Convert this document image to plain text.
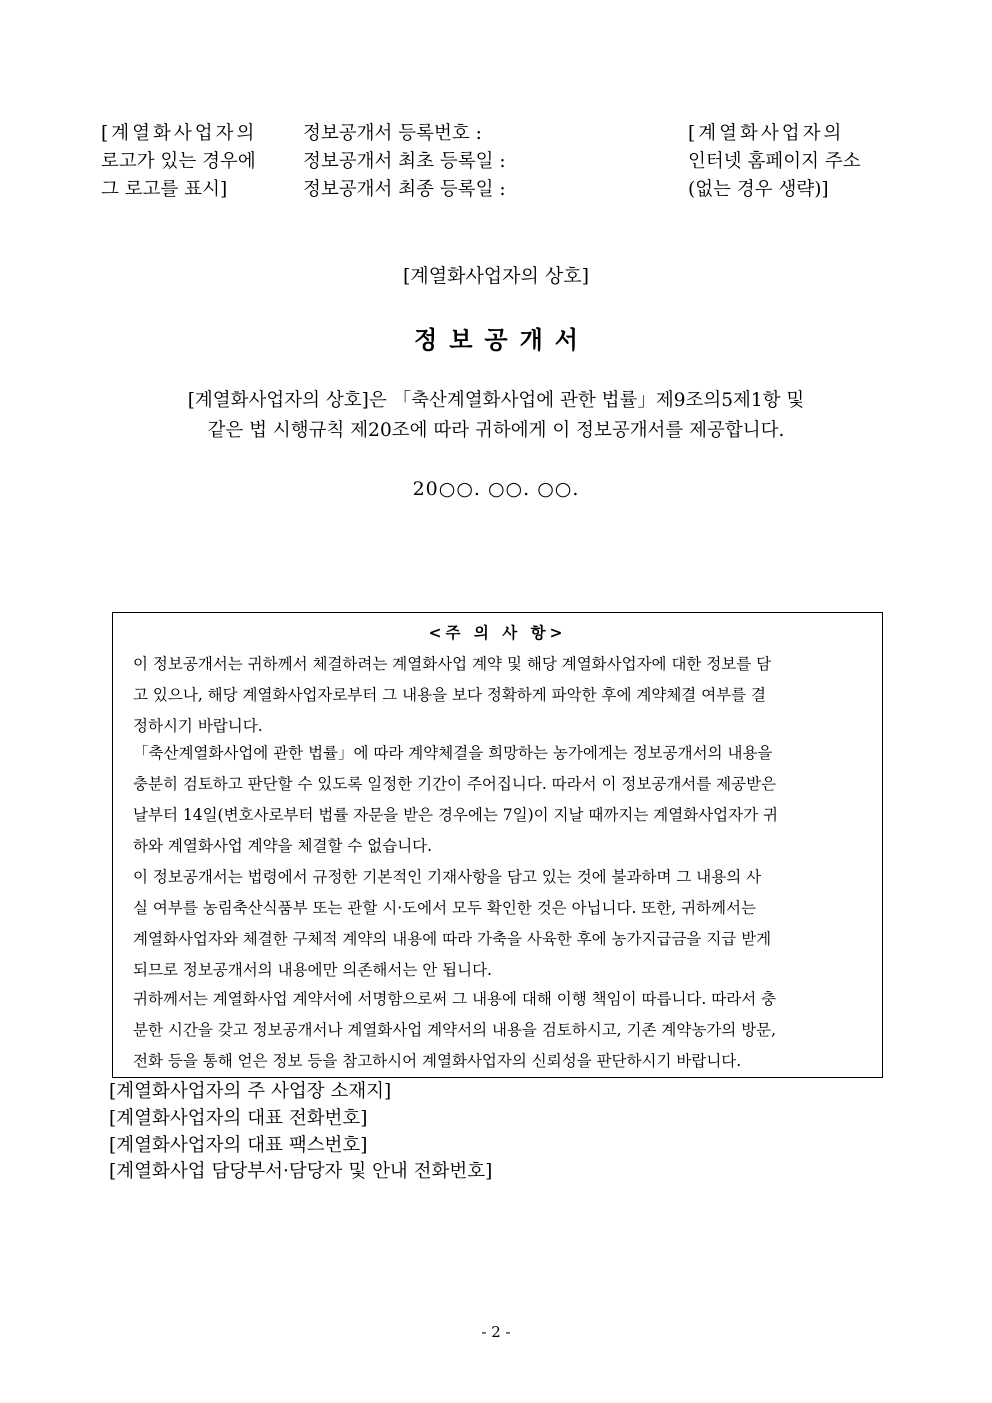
[계열화사업자의
로고가 있는 경우에
그 로고를 표시]
정보공개서 등록번호 :
정보공개서 최초 등록일 :
정보공개서 최종 등록일 :
[계열화사업자의
인터넷 홈페이지 주소
(없는 경우 생략)]
[계열화사업자의 상호]
정보공개서
[계열화사업자의 상호]은 「축산계열화사업에 관한 법률」제9조의5제1항 및
같은 법 시행규칙 제20조에 따라 귀하에게 이 정보공개서를 제공합니다.
20○○. ○○. ○○.
<주 의 사 항>
이 정보공개서는 귀하께서 체결하려는 계열화사업 계약 및 해당 계열화사업자에 대한 정보를 담
고 있으나, 해당 계열화사업자로부터 그 내용을 보다 정확하게 파악한 후에 계약체결 여부를 결
정하시기 바랍니다.
「축산계열화사업에 관한 법률」에 따라 계약체결을 희망하는 농가에게는 정보공개서의 내용을
충분히 검토하고 판단할 수 있도록 일정한 기간이 주어집니다. 따라서 이 정보공개서를 제공받은
날부터 14일(변호사로부터 법률 자문을 받은 경우에는 7일)이 지날 때까지는 계열화사업자가 귀
하와 계열화사업 계약을 체결할 수 없습니다.
이 정보공개서는 법령에서 규정한 기본적인 기재사항을 담고 있는 것에 불과하며 그 내용의 사
실 여부를 농림축산식품부 또는 관할 시·도에서 모두 확인한 것은 아닙니다. 또한, 귀하께서는
계열화사업자와 체결한 구체적 계약의 내용에 따라 가축을 사육한 후에 농가지급금을 지급 받게
되므로 정보공개서의 내용에만 의존해서는 안 됩니다.
귀하께서는 계열화사업 계약서에 서명함으로써 그 내용에 대해 이행 책임이 따릅니다. 따라서 충
분한 시간을 갖고 정보공개서나 계열화사업 계약서의 내용을 검토하시고, 기존 계약농가의 방문,
전화 등을 통해 얻은 정보 등을 참고하시어 계열화사업자의 신뢰성을 판단하시기 바랍니다.
[계열화사업자의 주 사업장 소재지]
[계열화사업자의 대표 전화번호]
[계열화사업자의 대표 팩스번호]
[계열화사업 담당부서·담당자 및 안내 전화번호]
- 2 -
